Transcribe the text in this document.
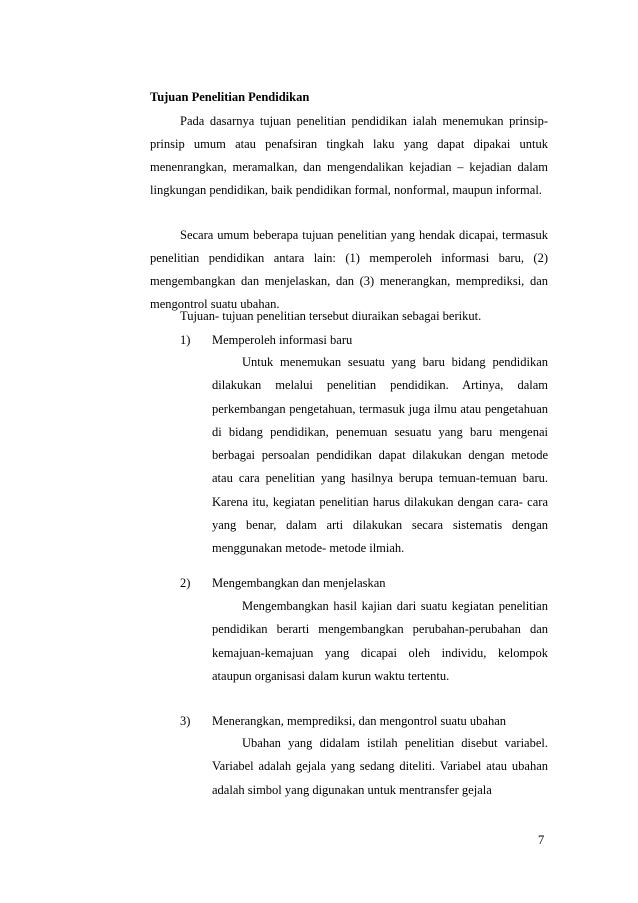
Tujuan Penelitian Pendidikan
Pada dasarnya tujuan penelitian pendidikan ialah menemukan prinsip-prinsip umum atau penafsiran tingkah laku yang dapat dipakai untuk menenrangkan, meramalkan, dan mengendalikan kejadian – kejadian dalam lingkungan pendidikan, baik pendidikan formal, nonformal, maupun informal.
Secara umum beberapa tujuan penelitian yang hendak dicapai, termasuk penelitian pendidikan antara lain: (1) memperoleh informasi baru, (2) mengembangkan dan menjelaskan, dan (3) menerangkan, memprediksi, dan mengontrol suatu ubahan.
Tujuan- tujuan penelitian tersebut diuraikan sebagai berikut.
1) Memperoleh informasi baru
Untuk menemukan sesuatu yang baru bidang pendidikan dilakukan melalui penelitian pendidikan. Artinya, dalam perkembangan pengetahuan, termasuk juga ilmu atau pengetahuan di bidang pendidikan, penemuan sesuatu yang baru mengenai berbagai persoalan pendidikan dapat dilakukan dengan metode atau cara penelitian yang hasilnya berupa temuan-temuan baru. Karena itu, kegiatan penelitian harus dilakukan dengan cara- cara yang benar, dalam arti dilakukan secara sistematis dengan menggunakan metode- metode ilmiah.
2) Mengembangkan dan menjelaskan
Mengembangkan hasil kajian dari suatu kegiatan penelitian pendidikan berarti mengembangkan perubahan-perubahan dan kemajuan-kemajuan yang dicapai oleh individu, kelompok ataupun organisasi dalam kurun waktu tertentu.
3) Menerangkan, memprediksi, dan mengontrol suatu ubahan
Ubahan yang didalam istilah penelitian disebut variabel. Variabel adalah gejala yang sedang diteliti. Variabel atau ubahan adalah simbol yang digunakan untuk mentransfer gejala
7
